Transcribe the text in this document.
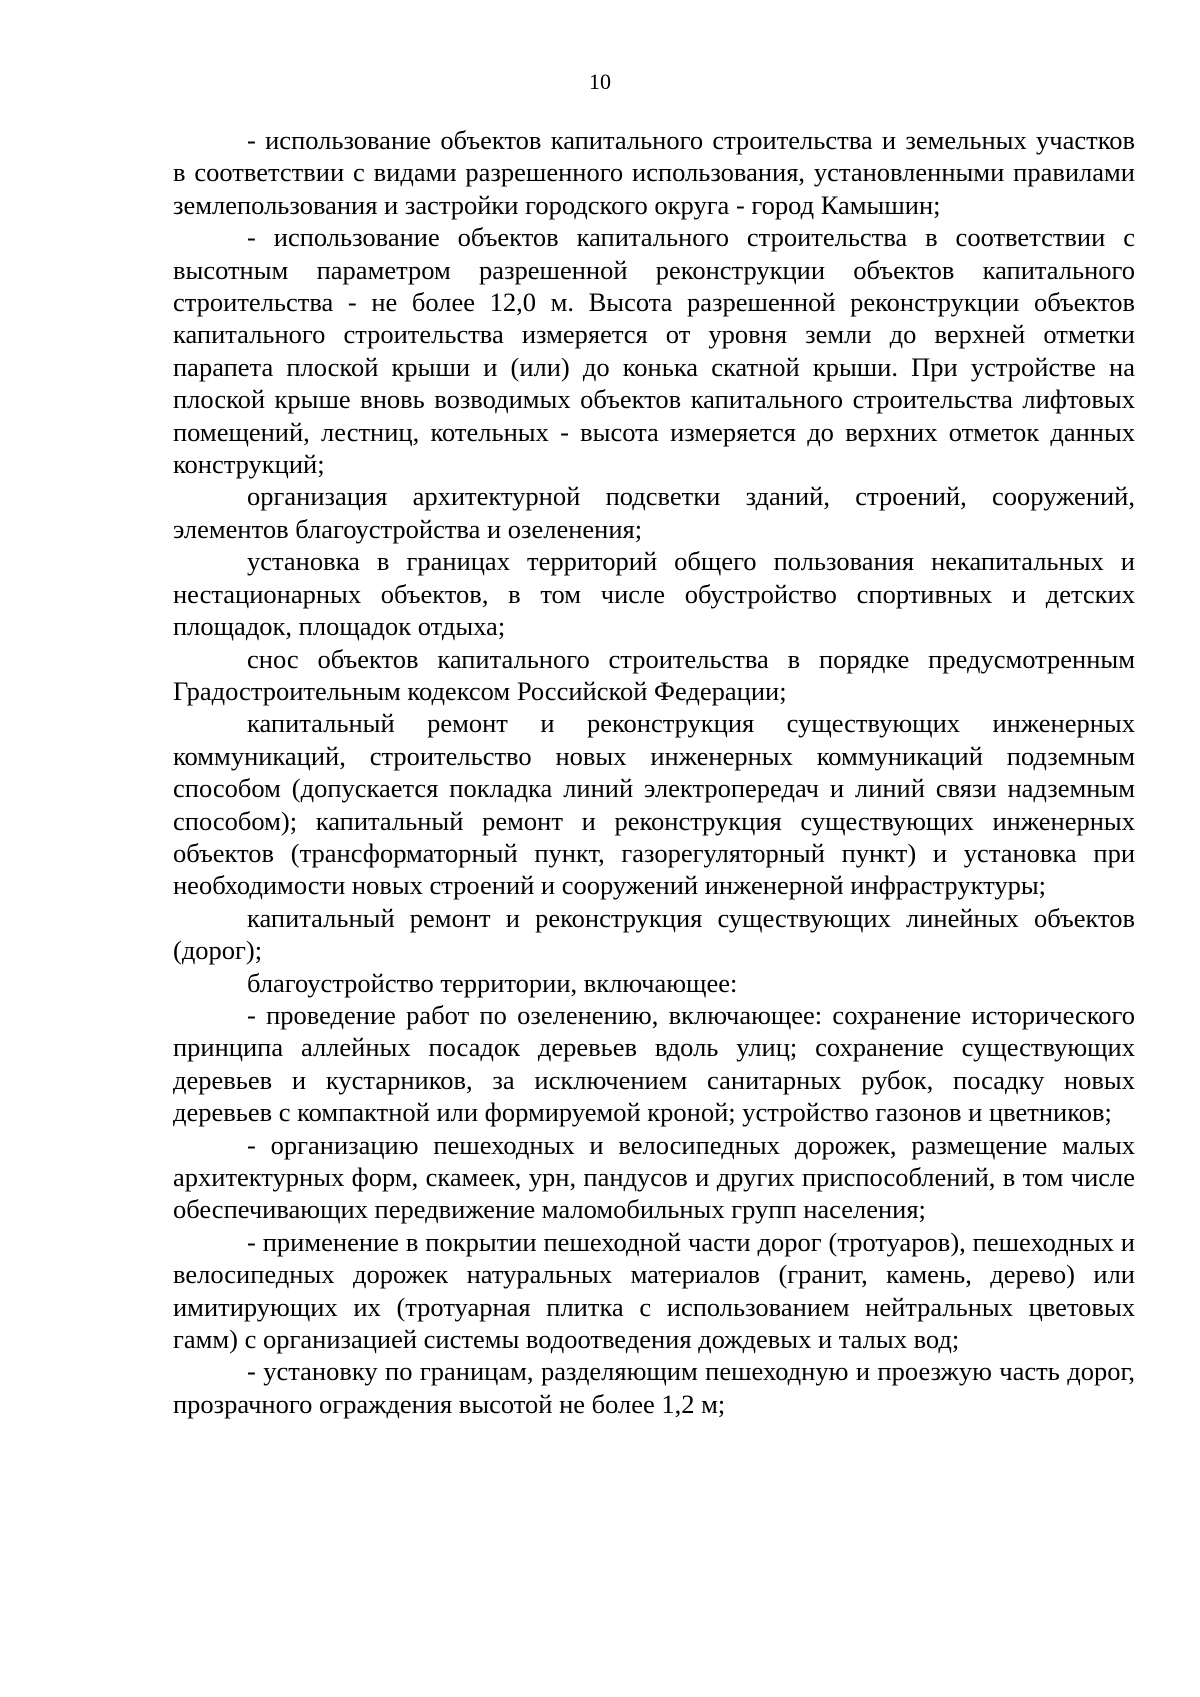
10

- использование объектов капитального строительства и земельных участков в соответствии с видами разрешенного использования, установленными правилами землепользования и застройки городского округа - город Камышин;

- использование объектов капитального строительства в соответствии с высотным параметром разрешенной реконструкции объектов капитального строительства - не более 12,0 м. Высота разрешенной реконструкции объектов капитального строительства измеряется от уровня земли до верхней отметки парапета плоской крыши и (или) до конька скатной крыши. При устройстве на плоской крыше вновь возводимых объектов капитального строительства лифтовых помещений, лестниц, котельных - высота измеряется до верхних отметок данных конструкций;

организация архитектурной подсветки зданий, строений, сооружений, элементов благоустройства и озеленения;

установка в границах территорий общего пользования некапитальных и нестационарных объектов, в том числе обустройство спортивных и детских площадок, площадок отдыха;

снос объектов капитального строительства в порядке предусмотренным Градостроительным кодексом Российской Федерации;

капитальный ремонт и реконструкция существующих инженерных коммуникаций, строительство новых инженерных коммуникаций подземным способом (допускается покладка линий электропередач и линий связи надземным способом); капитальный ремонт и реконструкция существующих инженерных объектов (трансформаторный пункт, газорегуляторный пункт) и установка при необходимости новых строений и сооружений инженерной инфраструктуры;

капитальный ремонт и реконструкция существующих линейных объектов (дорог);

благоустройство территории, включающее:

- проведение работ по озеленению, включающее: сохранение исторического принципа аллейных посадок деревьев вдоль улиц; сохранение существующих деревьев и кустарников, за исключением санитарных рубок, посадку новых деревьев с компактной или формируемой кроной; устройство газонов и цветников;

- организацию пешеходных и велосипедных дорожек, размещение малых архитектурных форм, скамеек, урн, пандусов и других приспособлений, в том числе обеспечивающих передвижение маломобильных групп населения;

- применение в покрытии пешеходной части дорог (тротуаров), пешеходных и велосипедных дорожек натуральных материалов (гранит, камень, дерево) или имитирующих их (тротуарная плитка с использованием нейтральных цветовых гамм) с организацией системы водоотведения дождевых и талых вод;

- установку по границам, разделяющим пешеходную и проезжую часть дорог, прозрачного ограждения высотой не более 1,2 м;
